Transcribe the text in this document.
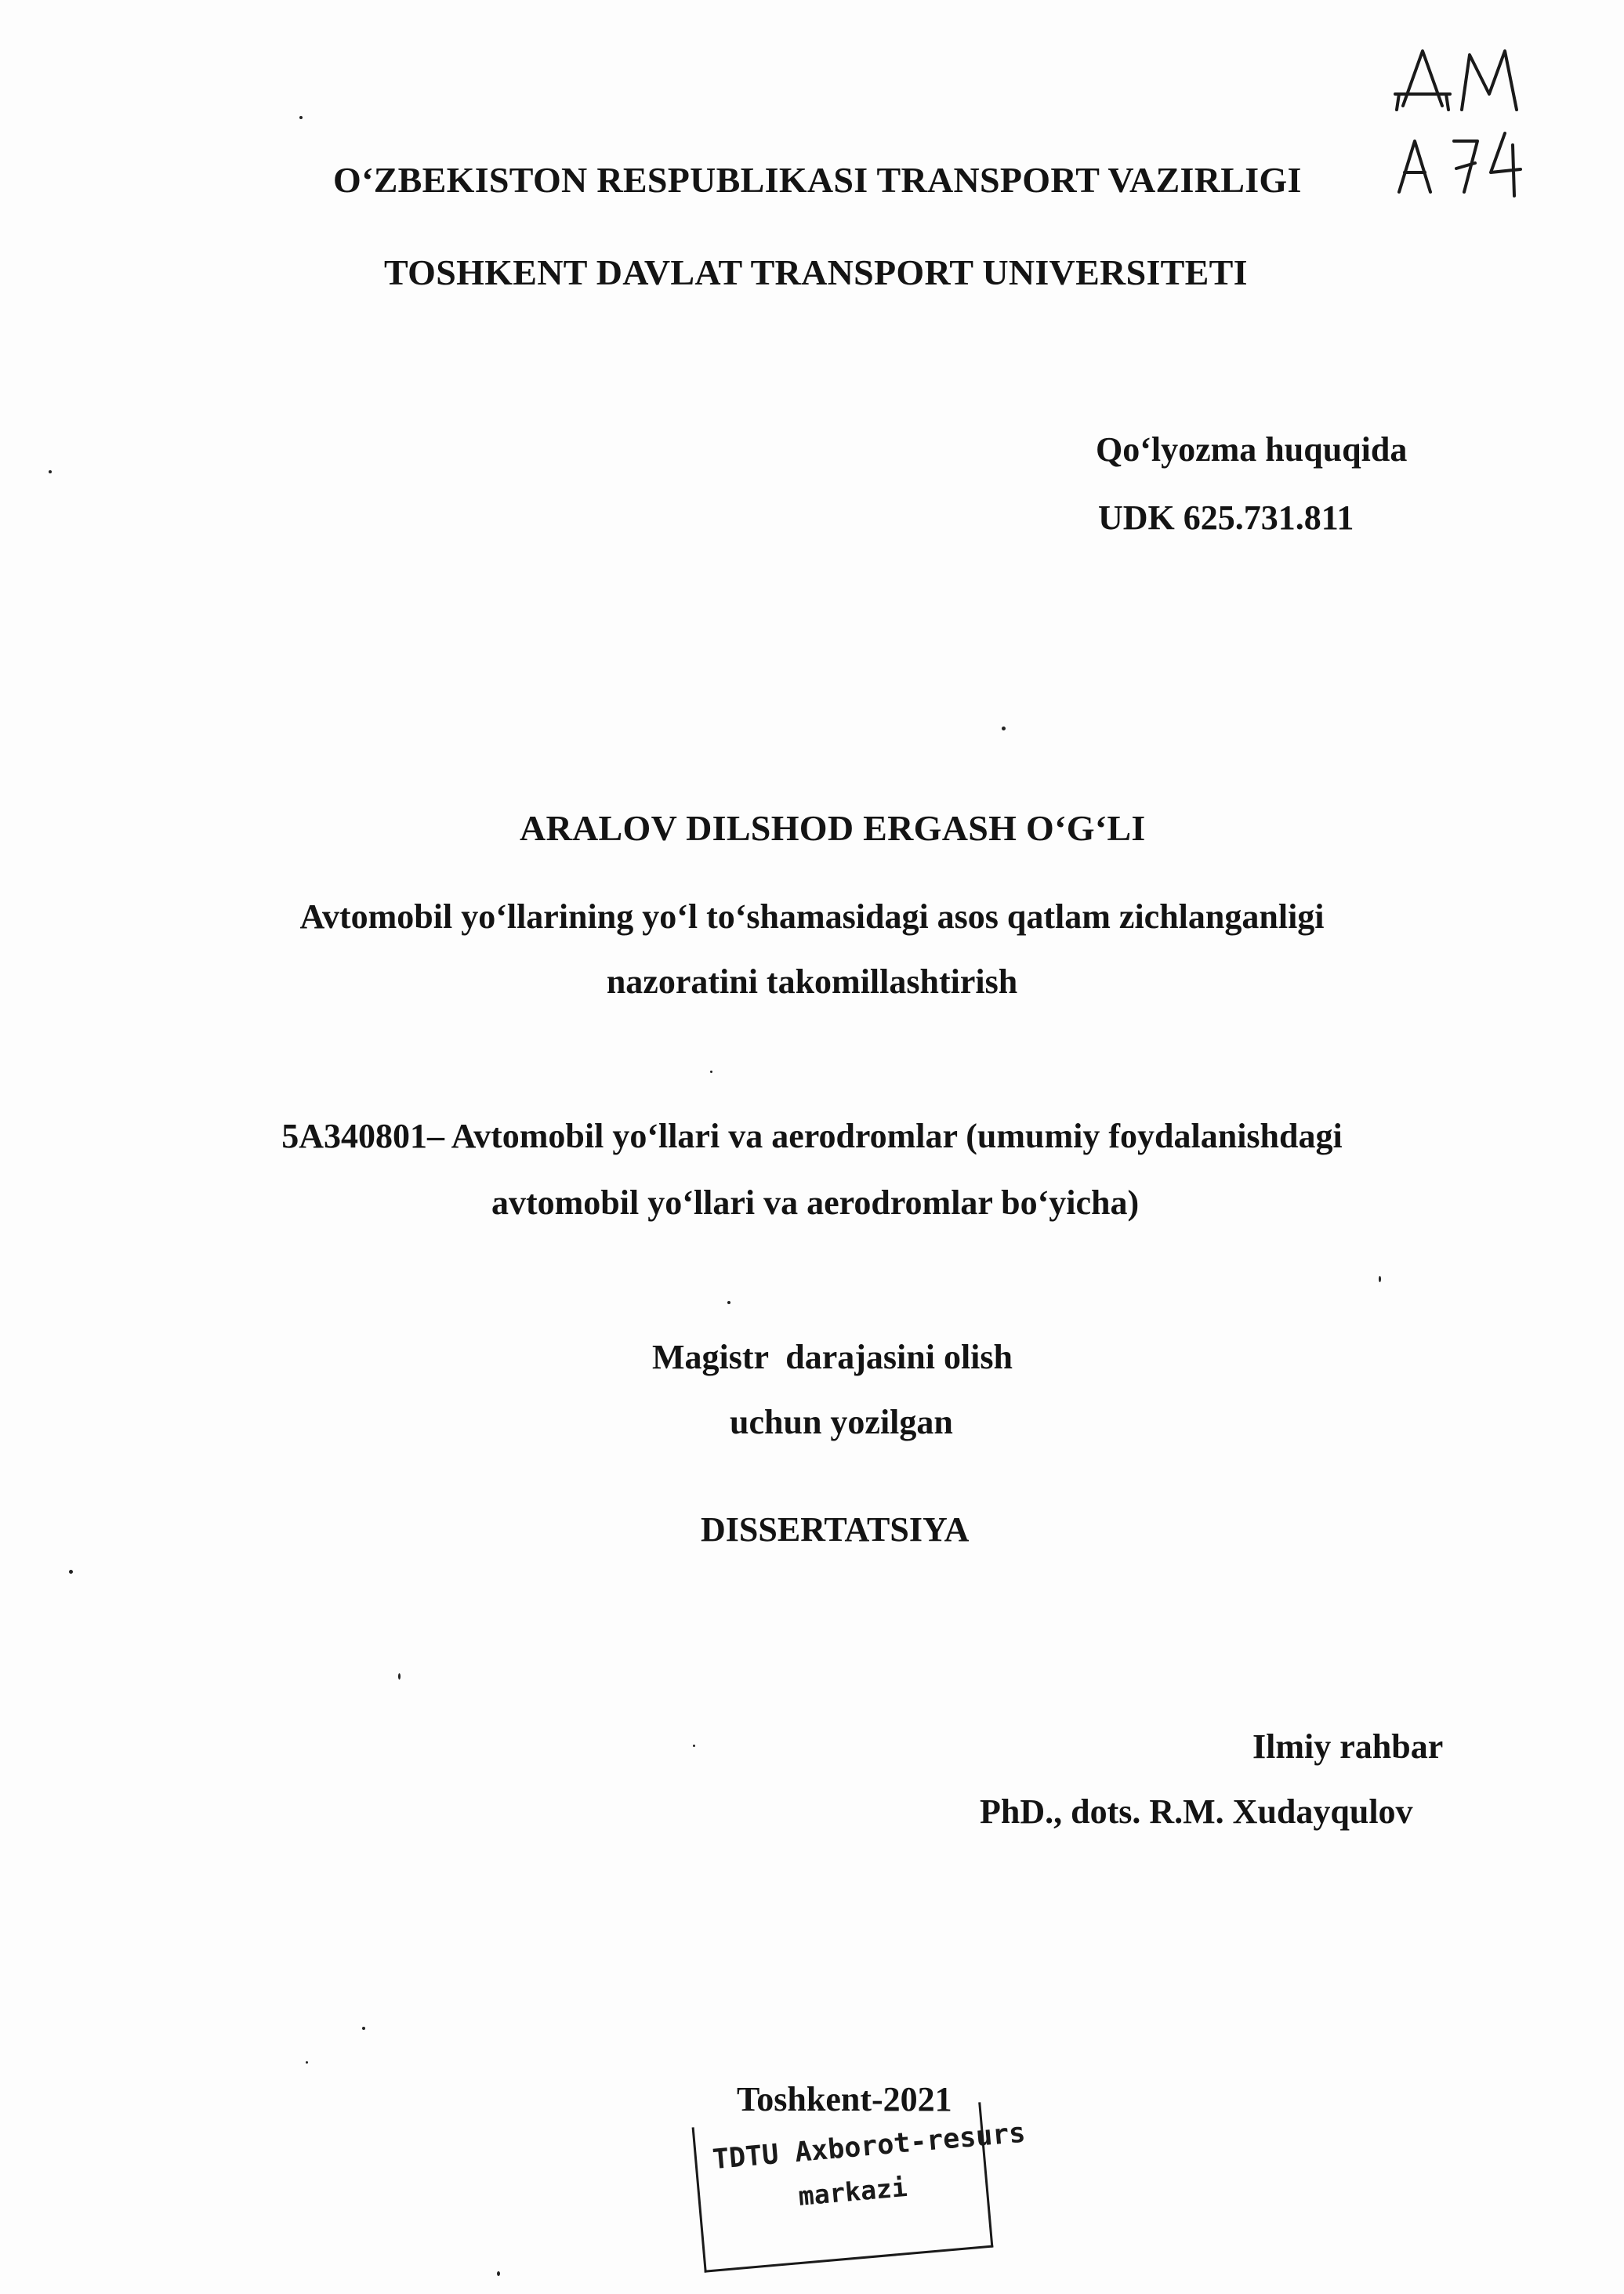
O‘ZBEKISTON RESPUBLIKASI TRANSPORT VAZIRLIGI
TOSHKENT DAVLAT TRANSPORT UNIVERSITETI
Qo‘lyozma huquqida
UDK 625.731.811
ARALOV DILSHOD ERGASH O‘G‘LI
Avtomobil yo‘llarining yo‘l to‘shamasidagi asos qatlam zichlanganligi
nazoratini takomillashtirish
5A340801– Avtomobil yo‘llari va aerodromlar (umumiy foydalanishdagi
avtomobil yo‘llari va aerodromlar bo‘yicha)
Magistr  darajasini olish
uchun yozilgan
DISSERTATSIYA
Ilmiy rahbar
PhD., dots. R.M. Xudayqulov
Toshkent-2021
TDTU Axborot-resurs
markazi
